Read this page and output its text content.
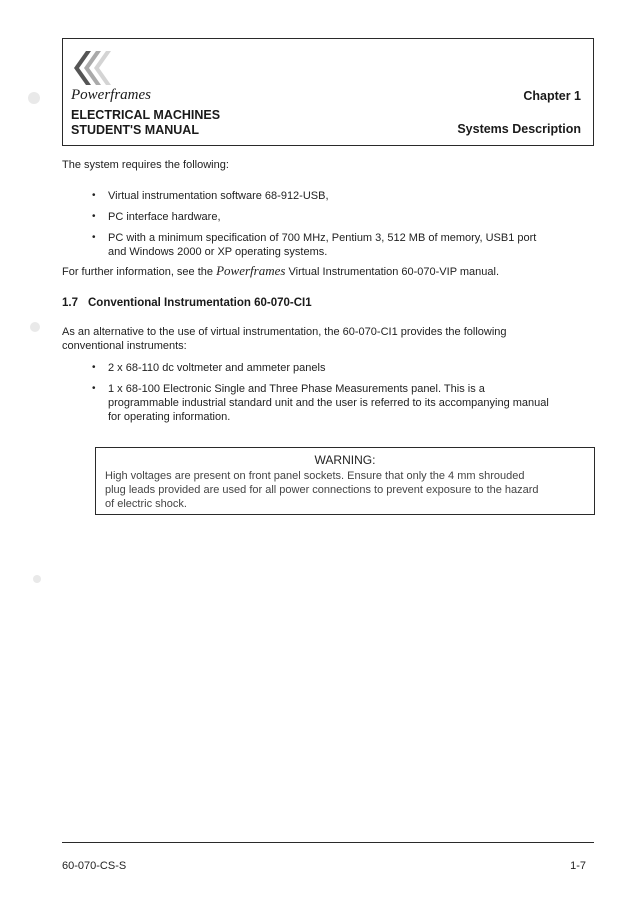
Powerframes
ELECTRICAL MACHINES
STUDENT'S MANUAL
Chapter 1
Systems Description
The system requires the following:
• Virtual instrumentation software 68-912-USB,
• PC interface hardware,
• PC with a minimum specification of 700 MHz, Pentium 3, 512 MB of memory, USB1 port
and Windows 2000 or XP operating systems.
For further information, see the Powerframes Virtual Instrumentation 60-070-VIP manual.
1.7 Conventional Instrumentation 60-070-CI1
As an alternative to the use of virtual instrumentation, the 60-070-CI1 provides the following
conventional instruments:
• 2 x 68-110 dc voltmeter and ammeter panels
• 1 x 68-100 Electronic Single and Three Phase Measurements panel. This is a
programmable industrial standard unit and the user is referred to its accompanying manual
for operating information.
WARNING:
High voltages are present on front panel sockets. Ensure that only the 4 mm shrouded
plug leads provided are used for all power connections to prevent exposure to the hazard
of electric shock.
60-070-CS-S	1-7
